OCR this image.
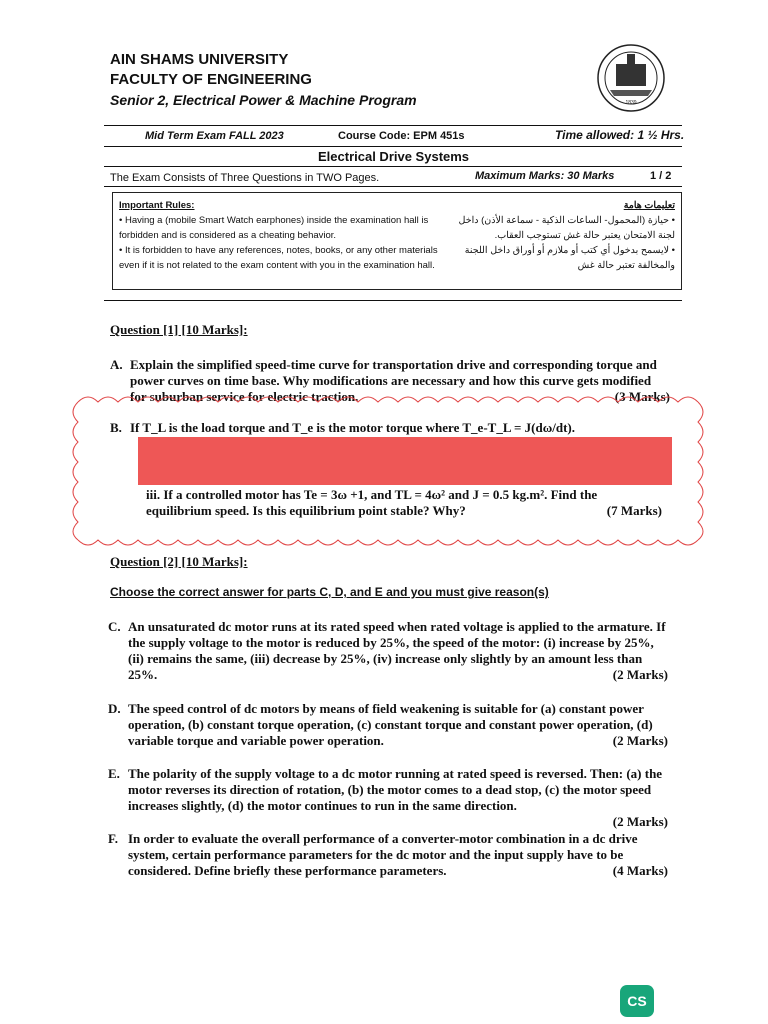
AIN SHAMS UNIVERSITY
FACULTY OF ENGINEERING
Senior 2, Electrical Power & Machine Program	1839
Mid Term Exam FALL 2023	Course Code: EPM 451s	Time allowed: 1 ½ Hrs.
Electrical Drive Systems
The Exam Consists of Three Questions in TWO Pages.	Maximum Marks: 30 Marks	1 / 2
Important Rules:
• Having a (mobile Smart Watch earphones) inside the examination hall is forbidden and is considered as a cheating behavior.
• It is forbidden to have any references, notes, books, or any other materials even if it is not related to the exam content with you in the examination hall.
تعليمات هامة
• حيازة (المحمول- الساعات الذكية - سماعة الأذن) داخل لجنة الامتحان يعتبر حالة غش تستوجب العقاب.
• لايسمح بدخول أي كتب أو ملازم أو أوراق داخل اللجنة والمخالفة تعتبر حالة غش
Question [1] [10 Marks]:
A. Explain the simplified speed-time curve for transportation drive and corresponding torque and power curves on time base. Why modifications are necessary and how this curve gets modified for suburban service for electric traction.	(3 Marks)
B. If T_L is the load torque and T_e is the motor torque where T_e-T_L = J(dω/dt).
iii. If a controlled motor has Te = 3ω +1, and TL = 4ω² and J = 0.5 kg.m². Find the equilibrium speed. Is this equilibrium point stable? Why?	(7 Marks)
Question [2] [10 Marks]:
Choose the correct answer for parts C, D, and E and you must give reason(s)
C. An unsaturated dc motor runs at its rated speed when rated voltage is applied to the armature. If the supply voltage to the motor is reduced by 25%, the speed of the motor: (i) increase by 25%, (ii) remains the same, (iii) decrease by 25%, (iv) increase only slightly by an amount less than 25%.	(2 Marks)
D. The speed control of dc motors by means of field weakening is suitable for (a) constant power operation, (b) constant torque operation, (c) constant torque and constant power operation, (d) variable torque and variable power operation.	(2 Marks)
E. The polarity of the supply voltage to a dc motor running at rated speed is reversed. Then: (a) the motor reverses its direction of rotation, (b) the motor comes to a dead stop, (c) the motor speed increases slightly, (d) the motor continues to run in the same direction.
(2 Marks)
F. In order to evaluate the overall performance of a converter-motor combination in a dc drive system, certain performance parameters for the dc motor and the input supply have to be considered. Define briefly these performance parameters.	(4 Marks)
CS
